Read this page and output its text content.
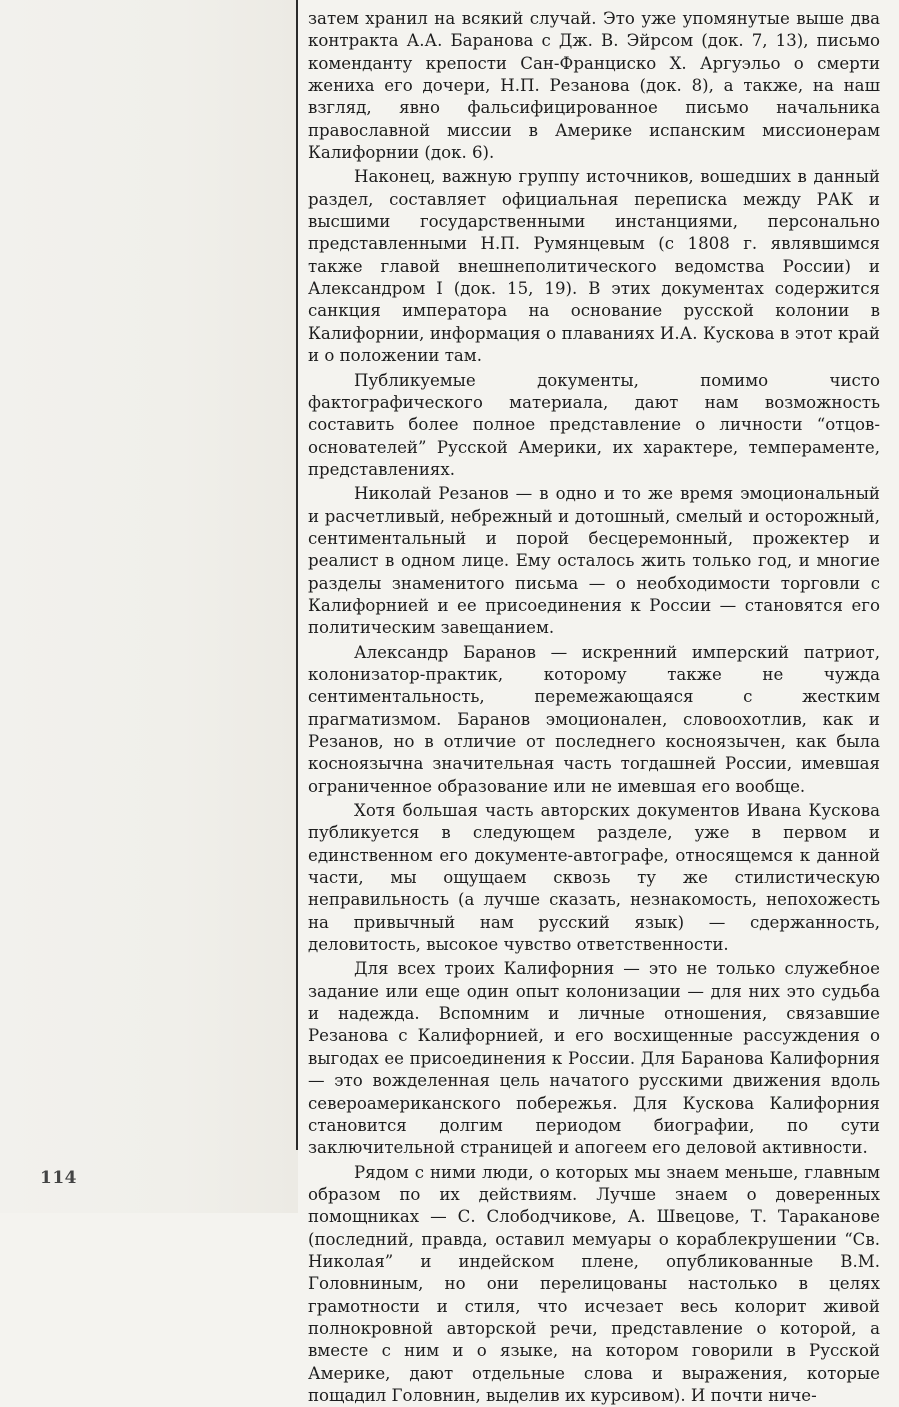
затем хранил на всякий случай. Это уже упомянутые выше два контракта А.А. Баранова с Дж. В. Эйрсом (док. 7, 13), письмо коменданту крепости Сан-Франциско Х. Аргуэльо о смерти жениха его дочери, Н.П. Резанова (док. 8), а также, на наш взгляд, явно фальсифицированное письмо начальника православной миссии в Америке испанским миссионерам Калифорнии (док. 6).

Наконец, важную группу источников, вошедших в данный раздел, составляет официальная переписка между РАК и высшими государственными инстанциями, персонально представленными Н.П. Румянцевым (с 1808 г. являвшимся также главой внешнеполитического ведомства России) и Александром I (док. 15, 19). В этих документах содержится санкция императора на основание русской колонии в Калифорнии, информация о плаваниях И.А. Кускова в этот край и о положении там.

Публикуемые документы, помимо чисто фактографического материала, дают нам возможность составить более полное представление о личности “отцов-основателей” Русской Америки, их характере, темпераменте, представлениях.

Николай Резанов — в одно и то же время эмоциональный и расчетливый, небрежный и дотошный, смелый и осторожный, сентиментальный и порой бесцеремонный, прожектер и реалист в одном лице. Ему осталось жить только год, и многие разделы знаменитого письма — о необходимости торговли с Калифорнией и ее присоединения к России — становятся его политическим завещанием.

Александр Баранов — искренний имперский патриот, колонизатор-практик, которому также не чужда сентиментальность, перемежающаяся с жестким прагматизмом. Баранов эмоционален, словоохотлив, как и Резанов, но в отличие от последнего косноязычен, как была косноязычна значительная часть тогдашней России, имевшая ограниченное образование или не имевшая его вообще.

Хотя большая часть авторских документов Ивана Кускова публикуется в следующем разделе, уже в первом и единственном его документе-автографе, относящемся к данной части, мы ощущаем сквозь ту же стилистическую неправильность (а лучше сказать, незнакомость, непохожесть на привычный нам русский язык) — сдержанность, деловитость, высокое чувство ответственности.

Для всех троих Калифорния — это не только служебное задание или еще один опыт колонизации — для них это судьба и надежда. Вспомним и личные отношения, связавшие Резанова с Калифорнией, и его восхищенные рассуждения о выгодах ее присоединения к России. Для Баранова Калифорния — это вожделенная цель начатого русскими движения вдоль североамериканского побережья. Для Кускова Калифорния становится долгим периодом биографии, по сути заключительной страницей и апогеем его деловой активности.

Рядом с ними люди, о которых мы знаем меньше, главным образом по их действиям. Лучше знаем о доверенных помощниках — С. Слободчикове, А. Швецове, Т. Тараканове (последний, правда, оставил мемуары о кораблекрушении “Св. Николая” и индейском плене, опубликованные В.М. Головниным, но они перелицованы настолько в целях грамотности и стиля, что исчезает весь колорит живой полнокровной авторской речи, представление о которой, а вместе с ним и о языке, на котором говорили в Русской Америке, дают отдельные слова и выражения, которые пощадил Головнин, выделив их курсивом). И почти ниче-

114
